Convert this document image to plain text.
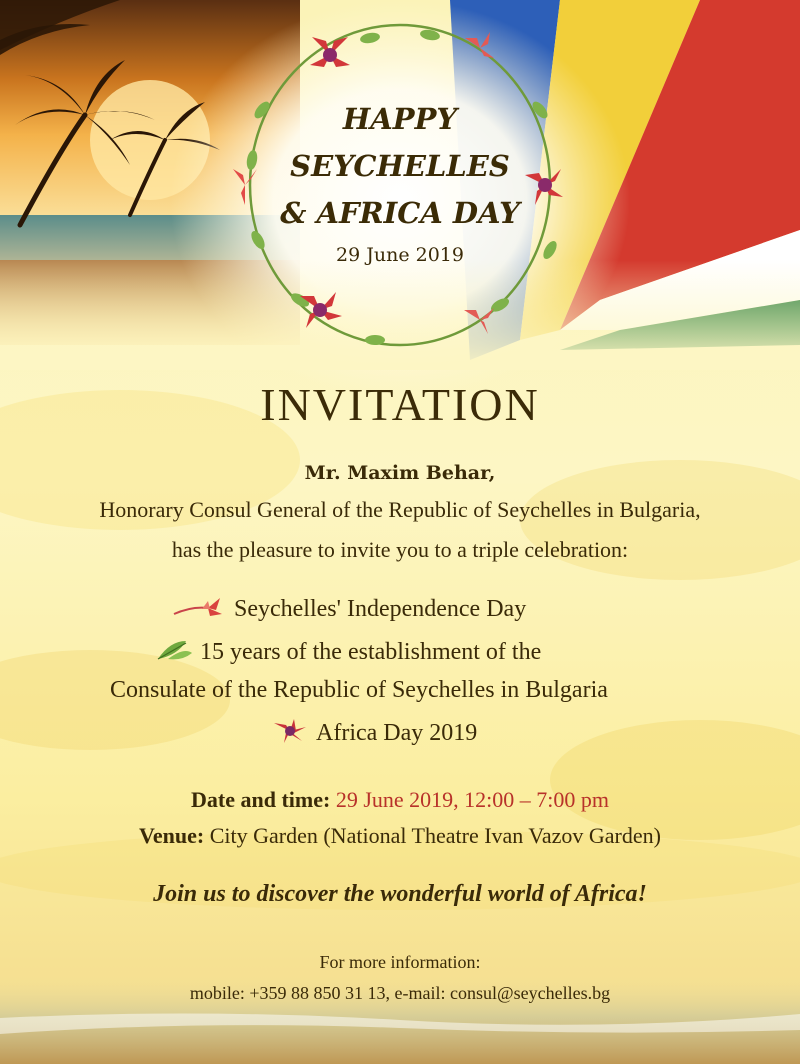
HAPPY
SEYCHELLES
& AFRICA DAY
29 June 2019
INVITATION
Mr. Maxim Behar,
Honorary Consul General of the Republic of Seychelles in Bulgaria,
has the pleasure to invite you to a triple celebration:
Seychelles' Independence Day
15 years of the establishment of the
Consulate of the Republic of Seychelles in Bulgaria
Africa Day 2019
Date and time: 29 June 2019, 12:00 – 7:00 pm
Venue: City Garden (National Theatre Ivan Vazov Garden)
Join us to discover the wonderful world of Africa!
For more information:
mobile: +359 88 850 31 13, e-mail: consul@seychelles.bg
